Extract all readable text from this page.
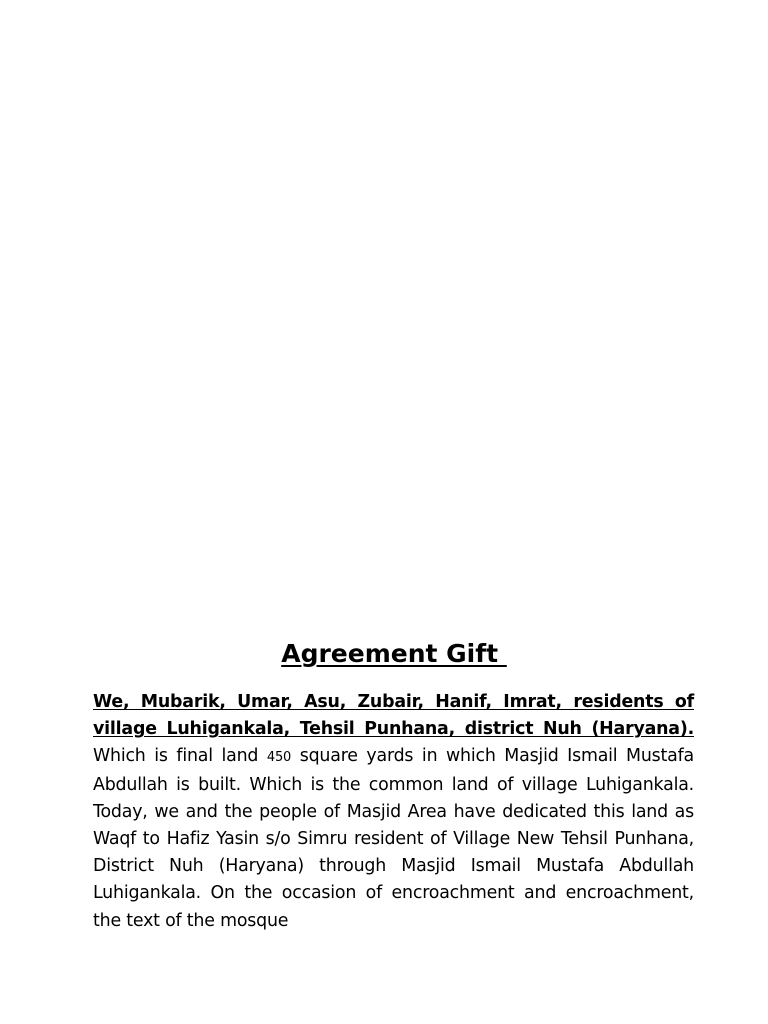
Agreement Gift

We, Mubarik, Umar, Asu, Zubair, Hanif, Imrat, residents of village Luhigankala, Tehsil Punhana, district Nuh (Haryana). Which is final land 450 square yards in which Masjid Ismail Mustafa Abdullah is built. Which is the common land of village Luhigankala. Today, we and the people of Masjid Area have dedicated this land as Waqf to Hafiz Yasin s/o Simru resident of Village New Tehsil Punhana, District Nuh (Haryana) through Masjid Ismail Mustafa Abdullah Luhigankala. On the occasion of encroachment and encroachment, the text of the mosque
